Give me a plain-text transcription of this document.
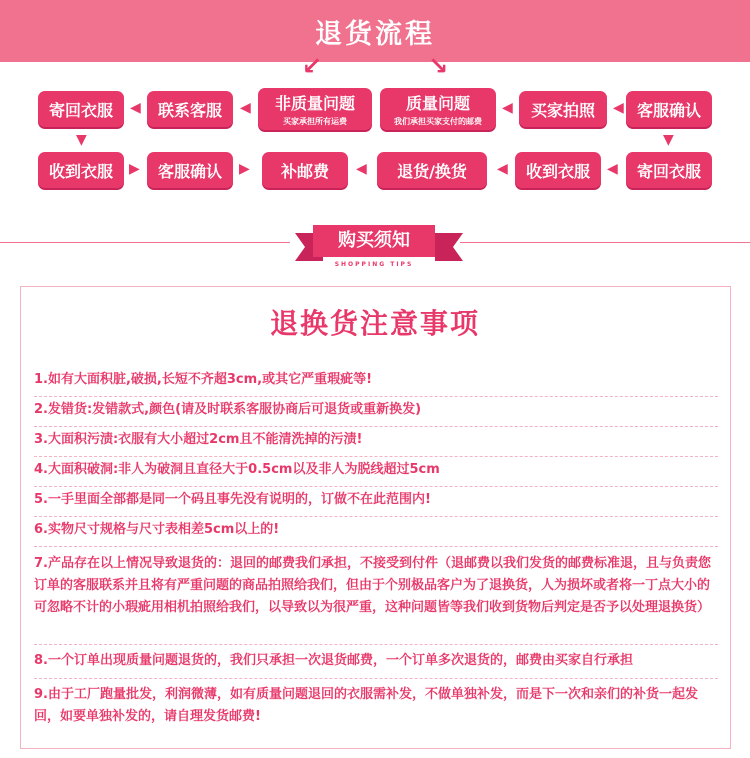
退货流程
↙	↘
寄回衣服 ◀ 联系客服 ◀ 非质量问题
买家承担所有运费
质量问题
我们承担买家支付的邮费
◀ 买家拍照 ◀ 客服确认
▼	▼
收到衣服 ▶ 客服确认 ▶ 补邮费 ◀ 退货/换货 ◀ 收到衣服 ◀ 寄回衣服
购买须知
SHOPPING TIPS
退换货注意事项
1.如有大面积脏,破损,长短不齐超3cm,或其它严重瑕疵等!
2.发错货:发错款式,颜色(请及时联系客服协商后可退货或重新换发)
3.大面积污渍:衣服有大小超过2cm且不能清洗掉的污渍!
4.大面积破洞:非人为破洞且直径大于0.5cm以及非人为脱线超过5cm
5.一手里面全部都是同一个码且事先没有说明的，订做不在此范围内!
6.实物尺寸规格与尺寸表相差5cm以上的!
7.产品存在以上情况导致退货的：退回的邮费我们承担，不接受到付件（退邮费以我们发货的邮费标准退，且与负责您订单的客服联系并且将有严重问题的商品拍照给我们，但由于个别极品客户为了退换货，人为损坏或者将一丁点大小的可忽略不计的小瑕疵用相机拍照给我们，以导致以为很严重，这种问题皆等我们收到货物后判定是否予以处理退换货）
8.一个订单出现质量问题退货的，我们只承担一次退货邮费，一个订单多次退货的，邮费由买家自行承担
9.由于工厂跑量批发，利润微薄，如有质量问题退回的衣服需补发，不做单独补发，而是下一次和亲们的补货一起发回，如要单独补发的，请自理发货邮费!
